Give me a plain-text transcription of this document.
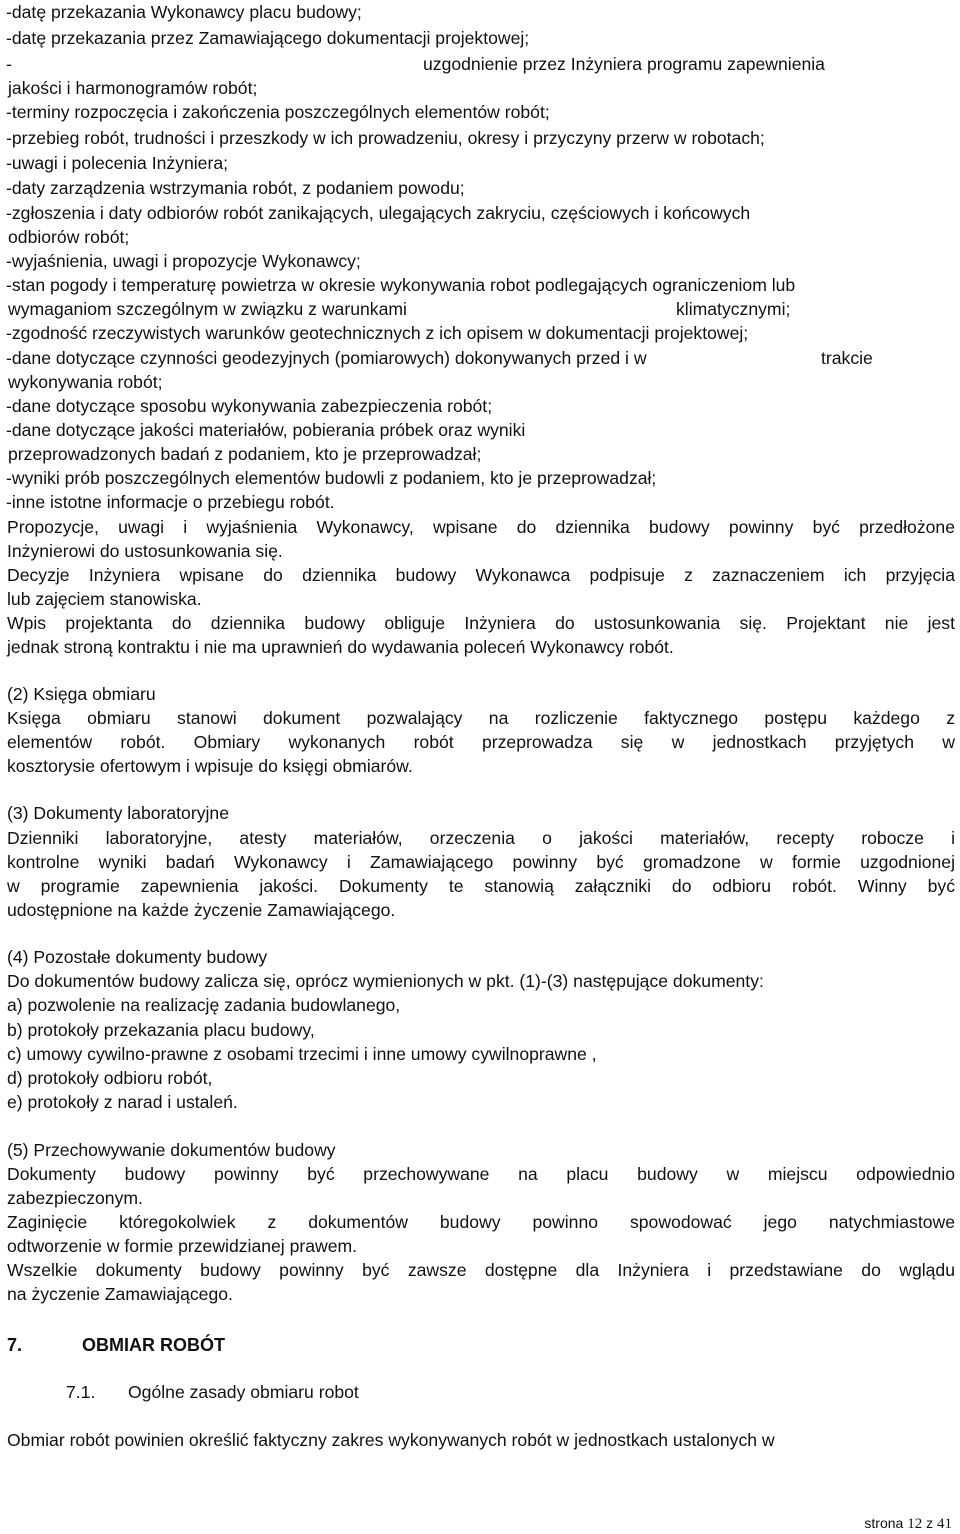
-datę przekazania Wykonawcy placu budowy;

-datę przekazania przez Zamawiającego dokumentacji projektowej;

-	uzgodnienie przez Inżyniera programu zapewnienia

jakości i harmonogramów robót;

-terminy rozpoczęcia i zakończenia poszczególnych elementów robót;

-przebieg robót, trudności i przeszkody w ich prowadzeniu, okresy i przyczyny przerw w robotach;

-uwagi i polecenia Inżyniera;

-daty zarządzenia wstrzymania robót, z podaniem powodu;

-zgłoszenia i daty odbiorów robót zanikających, ulegających zakryciu, częściowych i końcowych

odbiorów robót;

-wyjaśnienia, uwagi i propozycje Wykonawcy;

-stan pogody i temperaturę powietrza w okresie wykonywania robot podlegających ograniczeniom lub

wymaganiom szczególnym w związku z warunkami	klimatycznymi;

-zgodność rzeczywistych warunków geotechnicznych z ich opisem w dokumentacji projektowej;

-dane dotyczące czynności geodezyjnych (pomiarowych) dokonywanych przed i w	trakcie

wykonywania robót;

-dane dotyczące sposobu wykonywania zabezpieczenia robót;

-dane dotyczące jakości materiałów, pobierania próbek oraz wyniki

przeprowadzonych badań z podaniem, kto je przeprowadzał;

-wyniki prób poszczególnych elementów budowli z podaniem, kto je przeprowadzał;

-inne istotne informacje o przebiegu robót.

Propozycje, uwagi i wyjaśnienia Wykonawcy, wpisane do dziennika budowy powinny być przedłożone

Inżynierowi do ustosunkowania się.

Decyzje Inżyniera wpisane do dziennika budowy Wykonawca podpisuje z zaznaczeniem ich przyjęcia

lub zajęciem stanowiska.

Wpis projektanta do dziennika budowy obliguje Inżyniera do ustosunkowania się. Projektant nie jest

jednak stroną kontraktu i nie ma uprawnień do wydawania poleceń Wykonawcy robót.

(2) Księga obmiaru

Księga obmiaru stanowi dokument pozwalający na rozliczenie faktycznego postępu każdego z

elementów robót. Obmiary wykonanych robót przeprowadza się w jednostkach przyjętych w

kosztorysie ofertowym i wpisuje do księgi obmiarów.

(3) Dokumenty laboratoryjne

Dzienniki laboratoryjne, atesty materiałów, orzeczenia o jakości materiałów, recepty robocze i

kontrolne wyniki badań Wykonawcy i Zamawiającego powinny być gromadzone w formie uzgodnionej

w programie zapewnienia jakości. Dokumenty te stanowią załączniki do odbioru robót. Winny być

udostępnione na każde życzenie Zamawiającego.

(4) Pozostałe dokumenty budowy

Do dokumentów budowy zalicza się, oprócz wymienionych w pkt. (1)-(3) następujące dokumenty:

a) pozwolenie na realizację zadania budowlanego,

b) protokoły przekazania placu budowy,

c) umowy cywilno-prawne z osobami trzecimi i inne umowy cywilnoprawne ,

d) protokoły odbioru robót,

e) protokoły z narad i ustaleń.

(5) Przechowywanie dokumentów budowy

Dokumenty budowy powinny być przechowywane na placu budowy w miejscu odpowiednio

zabezpieczonym.

Zaginięcie któregokolwiek z dokumentów budowy powinno spowodować jego natychmiastowe

odtworzenie w formie przewidzianej prawem.

Wszelkie dokumenty budowy powinny być zawsze dostępne dla Inżyniera i przedstawiane do wglądu

na życzenie Zamawiającego.

7.	OBMIAR ROBÓT
7.1. Ogólne zasady obmiaru robot

Obmiar robót powinien określić faktyczny zakres wykonywanych robót w jednostkach ustalonych w

strona 12 z 41
